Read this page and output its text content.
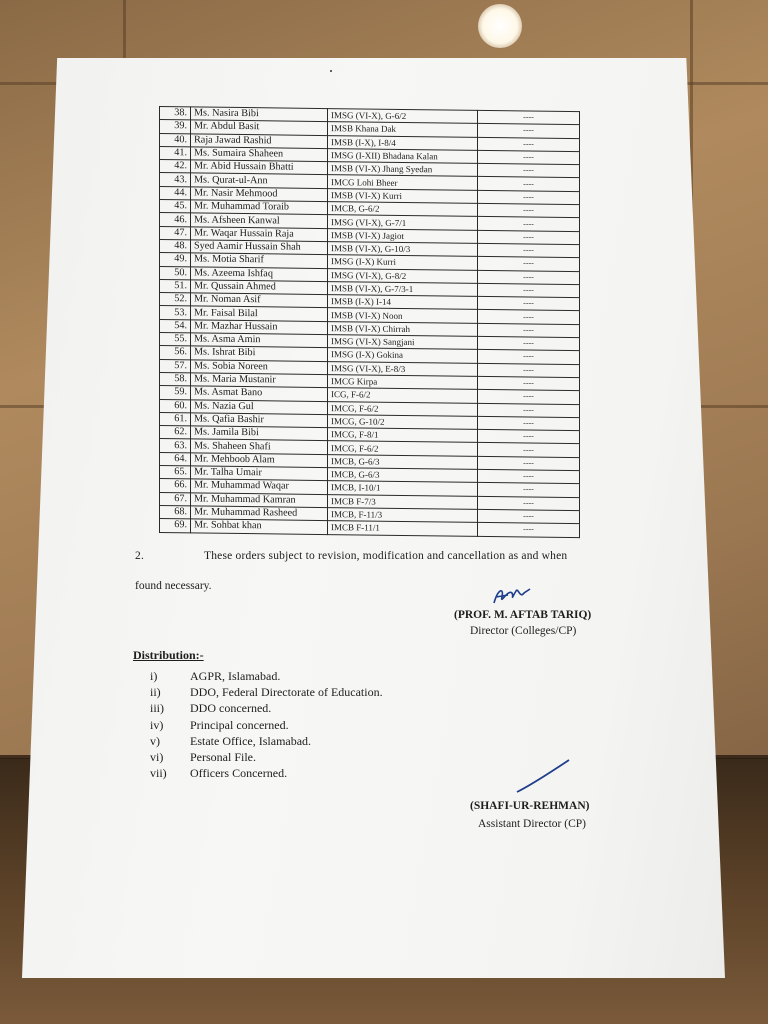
38.	Ms. Nasira Bibi	IMSG (VI-X), G-6/2	----
39.	Mr. Abdul Basit	IMSB Khana Dak	----
40.	Raja Jawad Rashid	IMSB (I-X), I-8/4	----
41.	Ms. Sumaira Shaheen	IMSG (I-XII) Bhadana Kalan	----
42.	Mr. Abid Hussain Bhatti	IMSB (VI-X) Jhang Syedan	----
43.	Ms. Qurat-ul-Ann	IMCG Lohi Bheer	----
44.	Mr. Nasir Mehmood	IMSB (VI-X) Kurri	----
45.	Mr. Muhammad Toraib	IMCB, G-6/2	----
46.	Ms. Afsheen Kanwal	IMSG (VI-X), G-7/1	----
47.	Mr. Waqar Hussain Raja	IMSB (VI-X) Jagiot	----
48.	Syed Aamir Hussain Shah	IMSB (VI-X), G-10/3	----
49.	Ms. Motia Sharif	IMSG (I-X) Kurri	----
50.	Ms. Azeema Ishfaq	IMSG (VI-X), G-8/2	----
51.	Mr. Qussain Ahmed	IMSB (VI-X), G-7/3-1	----
52.	Mr. Noman Asif	IMSB (I-X) I-14	----
53.	Mr. Faisal Bilal	IMSB (VI-X) Noon	----
54.	Mr. Mazhar Hussain	IMSB (VI-X) Chirrah	----
55.	Ms. Asma Amin	IMSG (VI-X) Sangjani	----
56.	Ms. Ishrat Bibi	IMSG (I-X) Gokina	----
57.	Ms. Sobia Noreen	IMSG (VI-X), E-8/3	----
58.	Ms. Maria Mustanir	IMCG Kirpa	----
59.	Ms. Asmat Bano	ICG, F-6/2	----
60.	Ms. Nazia Gul	IMCG, F-6/2	----
61.	Ms. Qafia Bashir	IMCG, G-10/2	----
62.	Ms. Jamila Bibi	IMCG, F-8/1	----
63.	Ms. Shaheen Shafi	IMCG, F-6/2	----
64.	Mr. Mehboob Alam	IMCB, G-6/3	----
65.	Mr. Talha Umair	IMCB, G-6/3	----
66.	Mr. Muhammad Waqar	IMCB, I-10/1	----
67.	Mr. Muhammad Kamran	IMCB F-7/3	----
68.	Mr. Muhammad Rasheed	IMCB, F-11/3	----
69.	Mr. Sohbat khan	IMCB F-11/1	----
2.	These orders subject to revision, modification and cancellation as and when
found necessary.
(PROF. M. AFTAB TARIQ)
Director (Colleges/CP)
Distribution:-
i)	AGPR, Islamabad.
ii)	DDO, Federal Directorate of Education.
iii)	DDO concerned.
iv)	Principal concerned.
v)	Estate Office, Islamabad.
vi)	Personal File.
vii)	Officers Concerned.
(SHAFI-UR-REHMAN)
Assistant Director (CP)
